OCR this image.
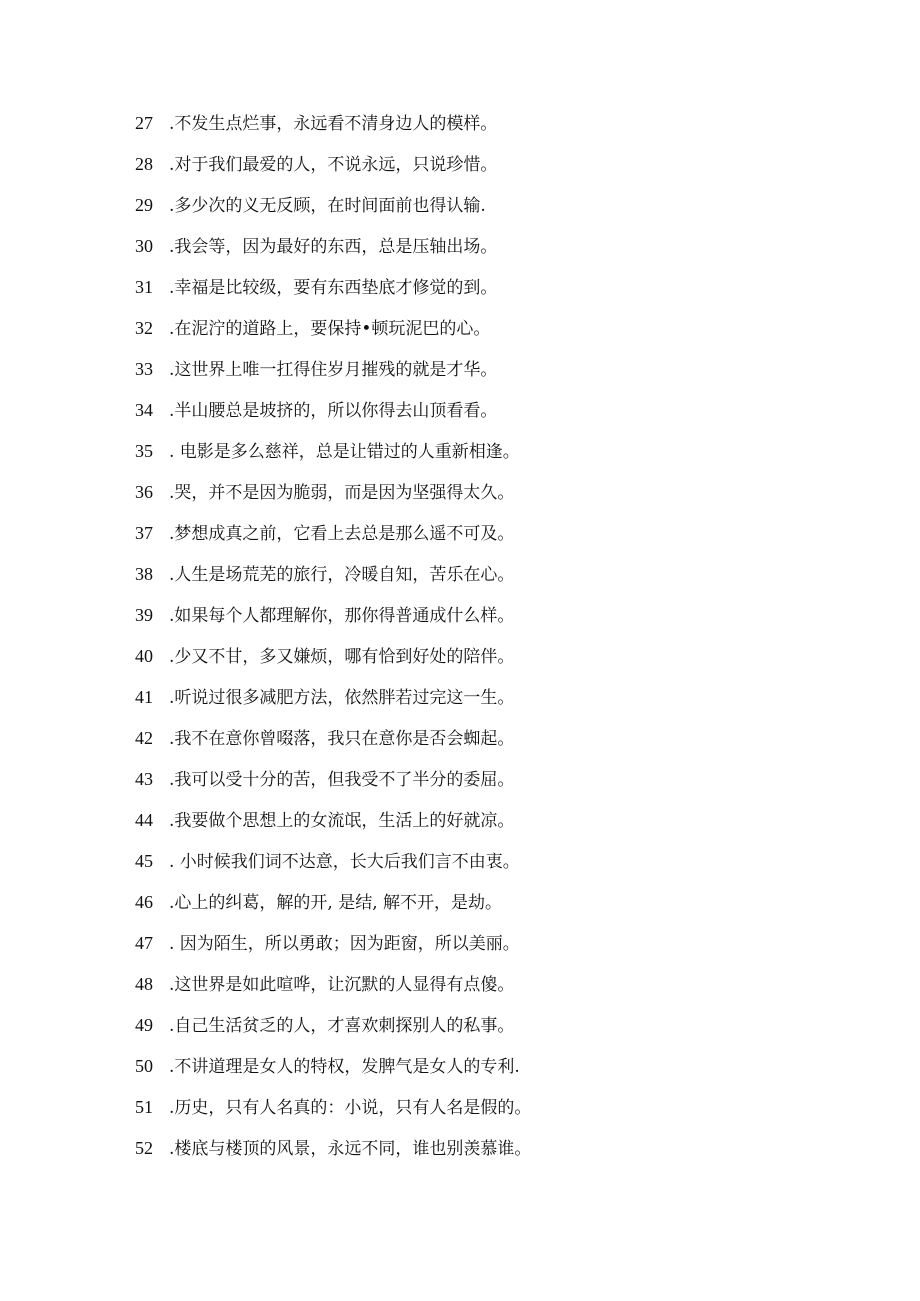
27 .不发生点烂事，永远看不清身边人的模样。
28 .对于我们最爱的人，不说永远，只说珍惜。
29 .多少次的义无反顾，在时间面前也得认输.
30 .我会等，因为最好的东西，总是压轴出场。
31 .幸福是比较级，要有东西垫底才修觉的到。
32 .在泥泞的道路上，要保持•顿玩泥巴的心。
33 .这世界上唯一扛得住岁月摧残的就是才华。
34 .半山腰总是坡挤的，所以你得去山顶看看。
35 . 电影是多么慈祥，总是让错过的人重新相逢。
36 .哭，并不是因为脆弱，而是因为坚强得太久。
37 .梦想成真之前，它看上去总是那么遥不可及。
38 .人生是场荒芜的旅行，冷暖自知，苦乐在心。
39 .如果每个人都理解你，那你得普通成什么样。
40 .少又不甘，多又嫌烦，哪有恰到好处的陪伴。
41 .听说过很多减肥方法，依然胖若过完这一生。
42 .我不在意你曾啜落，我只在意你是否会蜘起。
43 .我可以受十分的苦，但我受不了半分的委屈。
44 .我要做个思想上的女流氓，生活上的好就凉。
45 . 小时候我们词不达意，长大后我们言不由衷。
46 .心上的纠葛，解的开, 是结, 解不开，是劫。
47 . 因为陌生，所以勇敢；因为距窗，所以美丽。
48 .这世界是如此喧哗，让沉默的人显得有点傻。
49 .自己生活贫乏的人，才喜欢刺探别人的私事。
50 .不讲道理是女人的特权，发脾气是女人的专利.
51 .历史，只有人名真的：小说，只有人名是假的。
52 .楼底与楼顶的风景，永远不同，谁也别羡慕谁。
